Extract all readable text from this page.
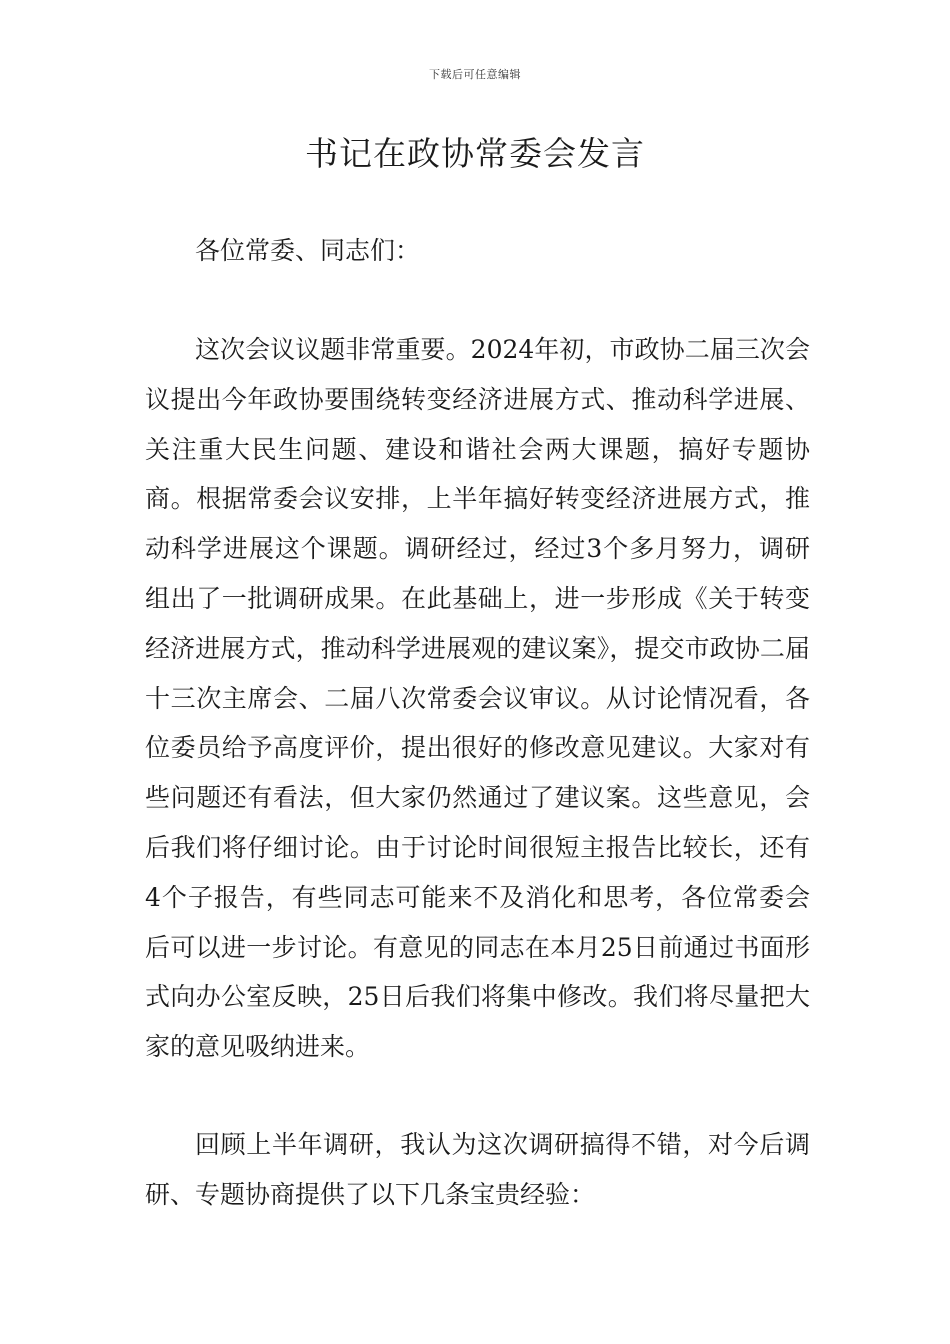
下载后可任意编辑
书记在政协常委会发言

各位常委、同志们：

这次会议议题非常重要。2024年初，市政协二届三次会议提出今年政协要围绕转变经济进展方式、推动科学进展、关注重大民生问题、建设和谐社会两大课题，搞好专题协商。根据常委会议安排，上半年搞好转变经济进展方式，推动科学进展这个课题。调研经过，经过3个多月努力，调研组出了一批调研成果。在此基础上，进一步形成《关于转变经济进展方式，推动科学进展观的建议案》，提交市政协二届十三次主席会、二届八次常委会议审议。从讨论情况看，各位委员给予高度评价，提出很好的修改意见建议。大家对有些问题还有看法，但大家仍然通过了建议案。这些意见，会后我们将仔细讨论。由于讨论时间很短主报告比较长，还有4个子报告，有些同志可能来不及消化和思考，各位常委会后可以进一步讨论。有意见的同志在本月25日前通过书面形式向办公室反映，25日后我们将集中修改。我们将尽量把大家的意见吸纳进来。

回顾上半年调研，我认为这次调研搞得不错，对今后调研、专题协商提供了以下几条宝贵经验：
